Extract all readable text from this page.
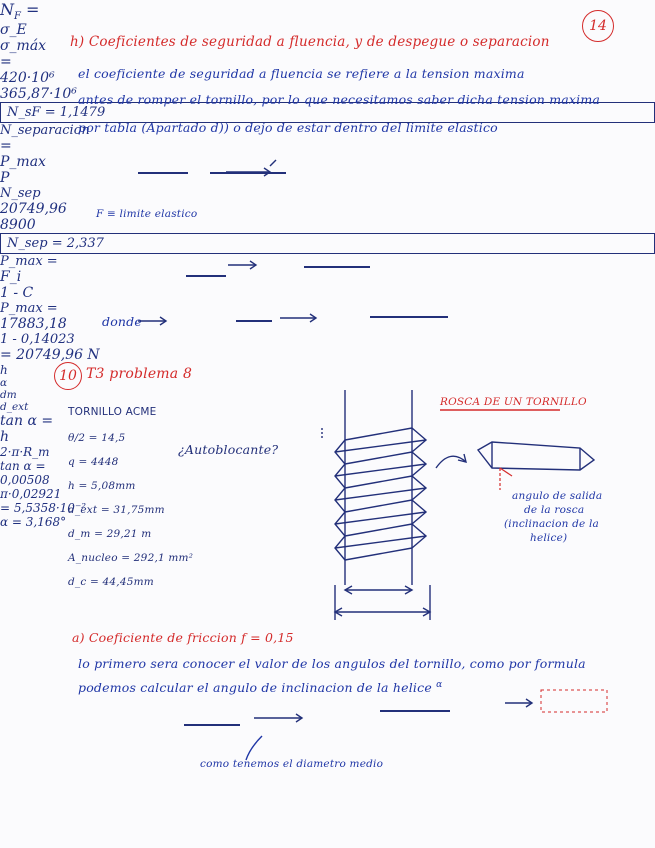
14
h) Coeficientes de seguridad a fluencia, y de despegue o separacion
el coeficiente de seguridad a fluencia se refiere a la tension maxima
antes de romper el tornillo, por lo que necesitamos saber dicha tension maxima
por tabla (Apartado d)) o dejo de estar dentro del limite elastico
$N_F$ =
σ_E
σ_máx
=
420·10⁶
365,87·10⁶
N_sF = 1,1479
F ≡ limite elastico
N_separacion
=
P_max
P
N_sep
20749,96
8900
N_sep = 2,337
donde
P_max =
F_i
1 - C
P_max =
17883,18
1 - 0,14023
= 20749,96 N
10 T3 problema 8
TORNILLO ACME
θ/2 = 14,5
q = 4448
h = 5,08mm
d_ext = 31,75mm
d_m = 29,21 m
A_nucleo = 292,1 mm²
d_c = 44,45mm
¿Autoblocante?
h
ROSCA DE UN TORNILLO
α
angulo de salida
de la rosca
(inclinacion de la
helice)
dm
d_ext
a) Coeficiente de friccion f = 0,15
lo primero sera conocer el valor de los angulos del tornillo, como por formula
podemos calcular el angulo de inclinacion de la helice $^\alpha$
tan α =
h
2·π·R_m
tan α =
0,00508
π·0,02921
= 5,5358·10⁻²
α = 3,168°
como tenemos el diametro medio
